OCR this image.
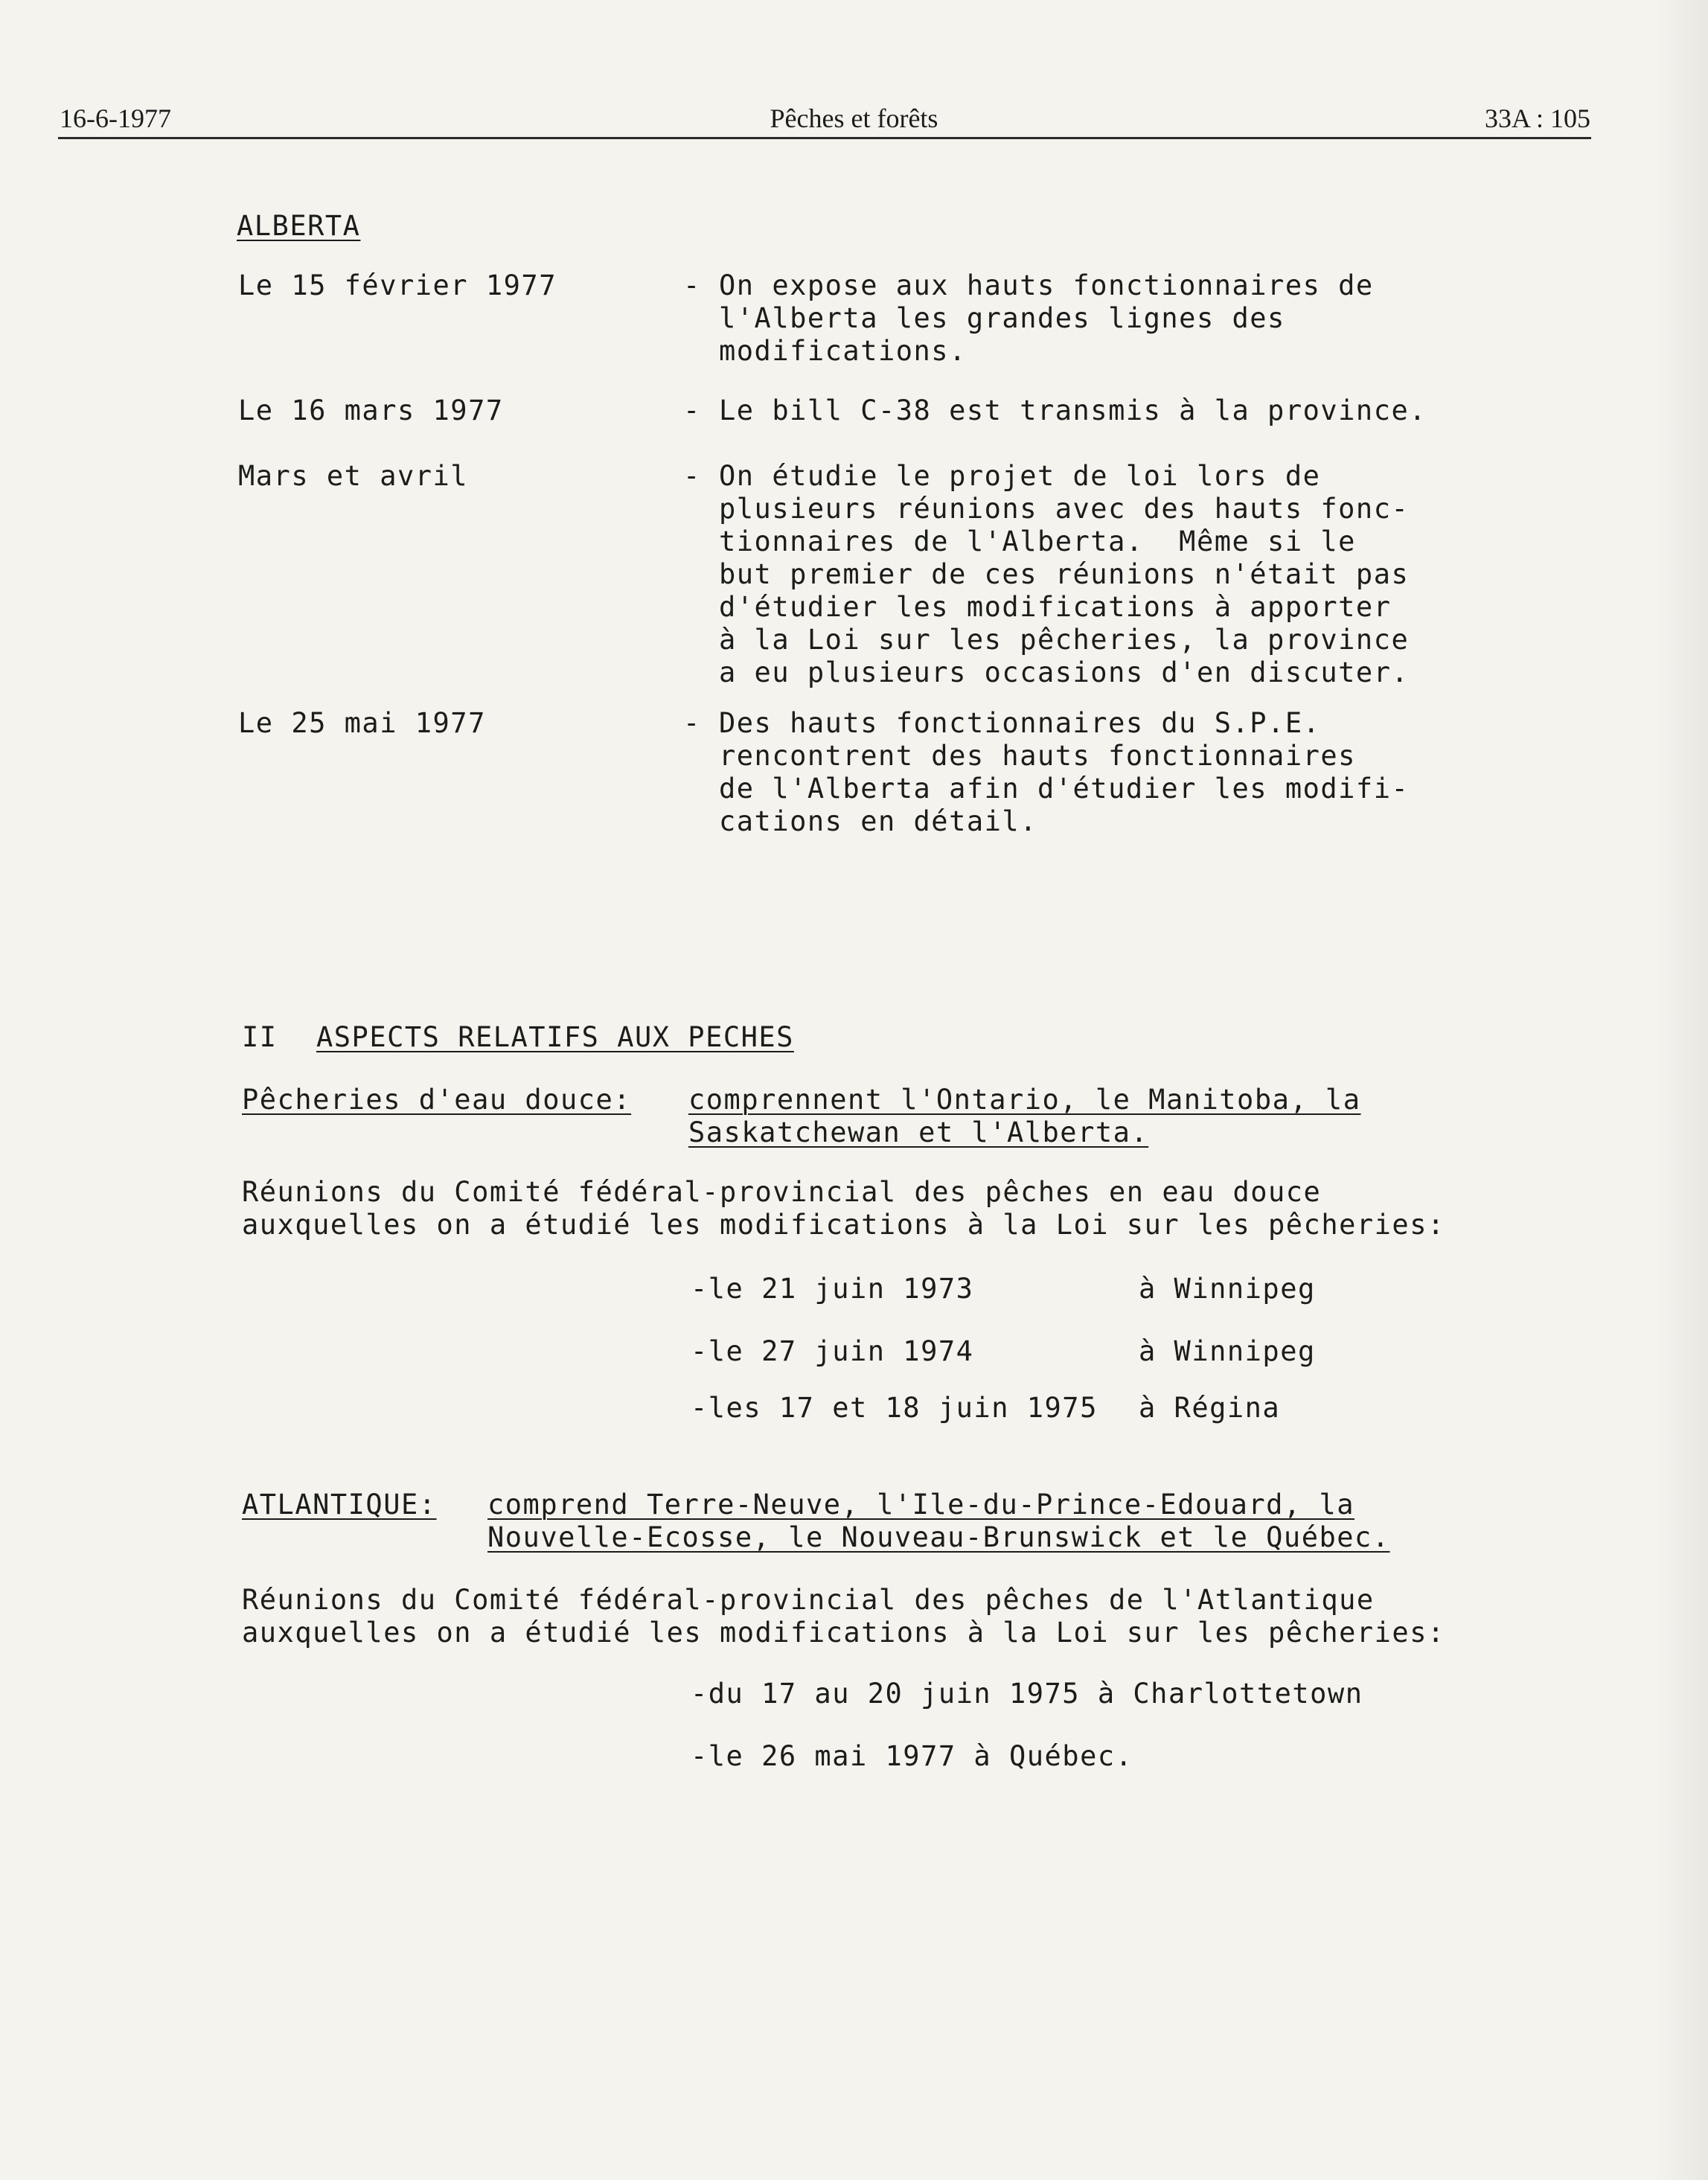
16-6-1977	Pêches et forêts	33A : 105
ALBERTA
Le 15 février 1977	- On expose aux hauts fonctionnaires de
l'Alberta les grandes lignes des
modifications.
Le 16 mars 1977	- Le bill C-38 est transmis à la province.
Mars et avril	- On étudie le projet de loi lors de
plusieurs réunions avec des hauts fonc-
tionnaires de l'Alberta.  Même si le
but premier de ces réunions n'était pas
d'étudier les modifications à apporter
à la Loi sur les pêcheries, la province
a eu plusieurs occasions d'en discuter.
Le 25 mai 1977	- Des hauts fonctionnaires du S.P.E.
rencontrent des hauts fonctionnaires
de l'Alberta afin d'étudier les modifi-
cations en détail.
II ASPECTS RELATIFS AUX PECHES
Pêcheries d'eau douce: comprennent l'Ontario, le Manitoba, la
Saskatchewan et l'Alberta.
Réunions du Comité fédéral-provincial des pêches en eau douce
auxquelles on a étudié les modifications à la Loi sur les pêcheries:
-le 21 juin 1973	à Winnipeg
-le 27 juin 1974	à Winnipeg
-les 17 et 18 juin 1975 à Régina
ATLANTIQUE: comprend Terre-Neuve, l'Ile-du-Prince-Edouard, la
Nouvelle-Ecosse, le Nouveau-Brunswick et le Québec.
Réunions du Comité fédéral-provincial des pêches de l'Atlantique
auxquelles on a étudié les modifications à la Loi sur les pêcheries:
-du 17 au 20 juin 1975 à Charlottetown
-le 26 mai 1977 à Québec.
